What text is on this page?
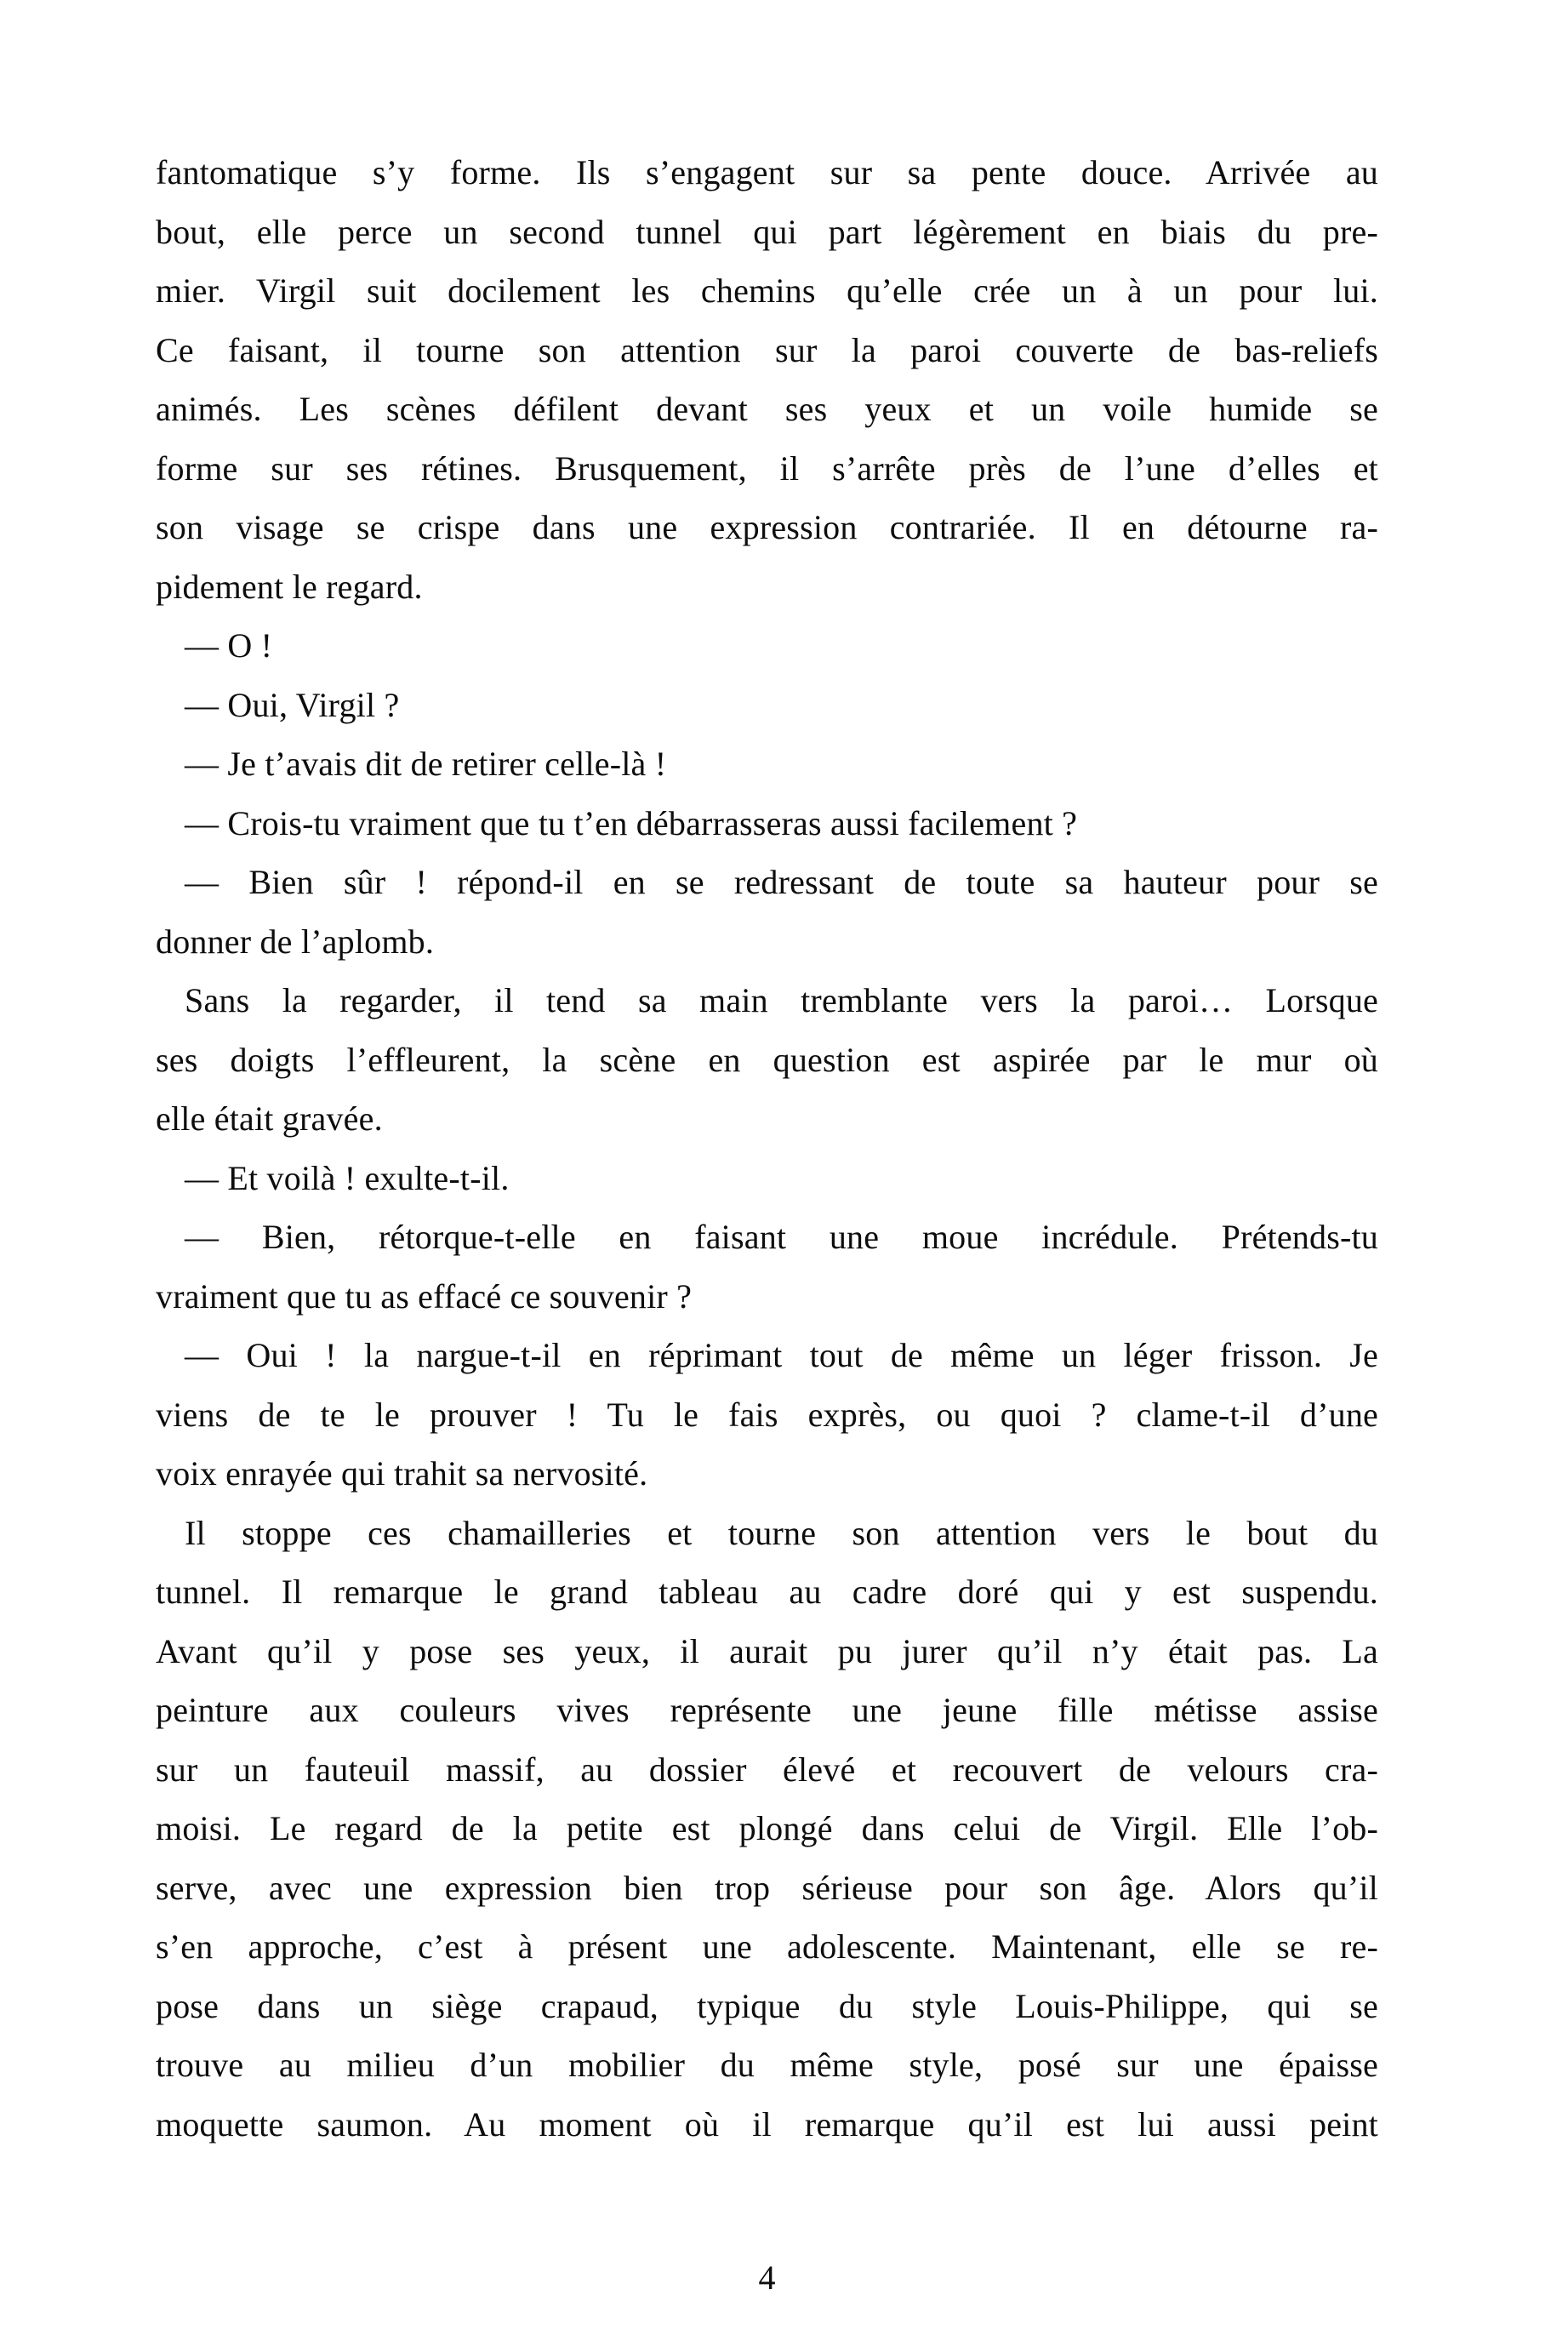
fantomatique s’y forme. Ils s’engagent sur sa pente douce. Arrivée au
bout, elle perce un second tunnel qui part légèrement en biais du pre-
mier. Virgil suit docilement les chemins qu’elle crée un à un pour lui.
Ce faisant, il tourne son attention sur la paroi couverte de bas-reliefs
animés. Les scènes défilent devant ses yeux et un voile humide se
forme sur ses rétines. Brusquement, il s’arrête près de l’une d’elles et
son visage se crispe dans une expression contrariée. Il en détourne ra-
pidement le regard.
— O !
— Oui, Virgil ?
— Je t’avais dit de retirer celle-là !
— Crois-tu vraiment que tu t’en débarrasseras aussi facilement ?
— Bien sûr ! répond-il en se redressant de toute sa hauteur pour se
donner de l’aplomb.
Sans la regarder, il tend sa main tremblante vers la paroi… Lorsque
ses doigts l’effleurent, la scène en question est aspirée par le mur où
elle était gravée.
— Et voilà ! exulte-t-il.
— Bien, rétorque-t-elle en faisant une moue incrédule. Prétends-tu
vraiment que tu as effacé ce souvenir ?
— Oui ! la nargue-t-il en réprimant tout de même un léger frisson. Je
viens de te le prouver ! Tu le fais exprès, ou quoi ? clame-t-il d’une
voix enrayée qui trahit sa nervosité.
Il stoppe ces chamailleries et tourne son attention vers le bout du
tunnel. Il remarque le grand tableau au cadre doré qui y est suspendu.
Avant qu’il y pose ses yeux, il aurait pu jurer qu’il n’y était pas. La
peinture aux couleurs vives représente une jeune fille métisse assise
sur un fauteuil massif, au dossier élevé et recouvert de velours cra-
moisi. Le regard de la petite est plongé dans celui de Virgil. Elle l’ob-
serve, avec une expression bien trop sérieuse pour son âge. Alors qu’il
s’en approche, c’est à présent une adolescente. Maintenant, elle se re-
pose dans un siège crapaud, typique du style Louis-Philippe, qui se
trouve au milieu d’un mobilier du même style, posé sur une épaisse
moquette saumon. Au moment où il remarque qu’il est lui aussi peint
4
